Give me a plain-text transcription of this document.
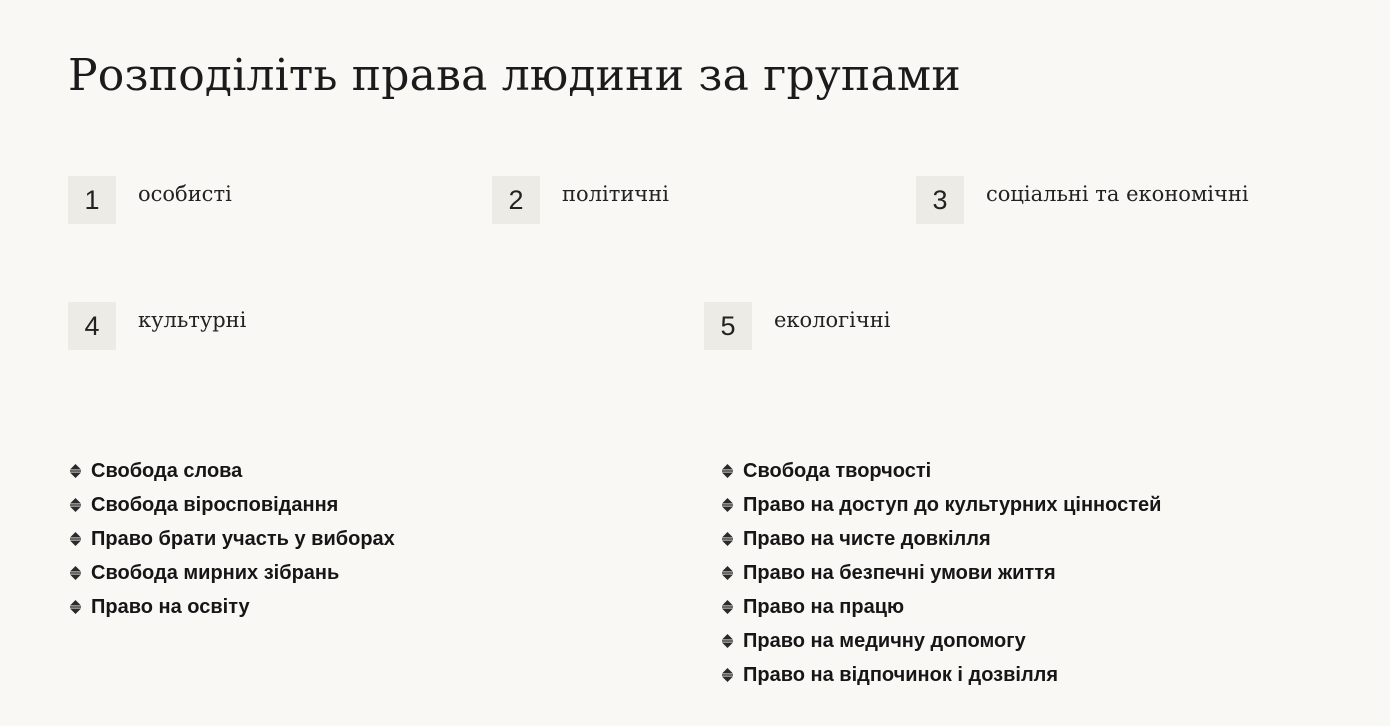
Розподіліть права людини за групами
1	особисті	2	політичні	3	соціальні та економічні
4	культурні	5	екологічні
Свобода слова
Свобода віросповідання
Право брати участь у виборах
Свобода мирних зібрань
Право на освіту
Свобода творчості
Право на доступ до культурних цінностей
Право на чисте довкілля
Право на безпечні умови життя
Право на працю
Право на медичну допомогу
Право на відпочинок і дозвілля
